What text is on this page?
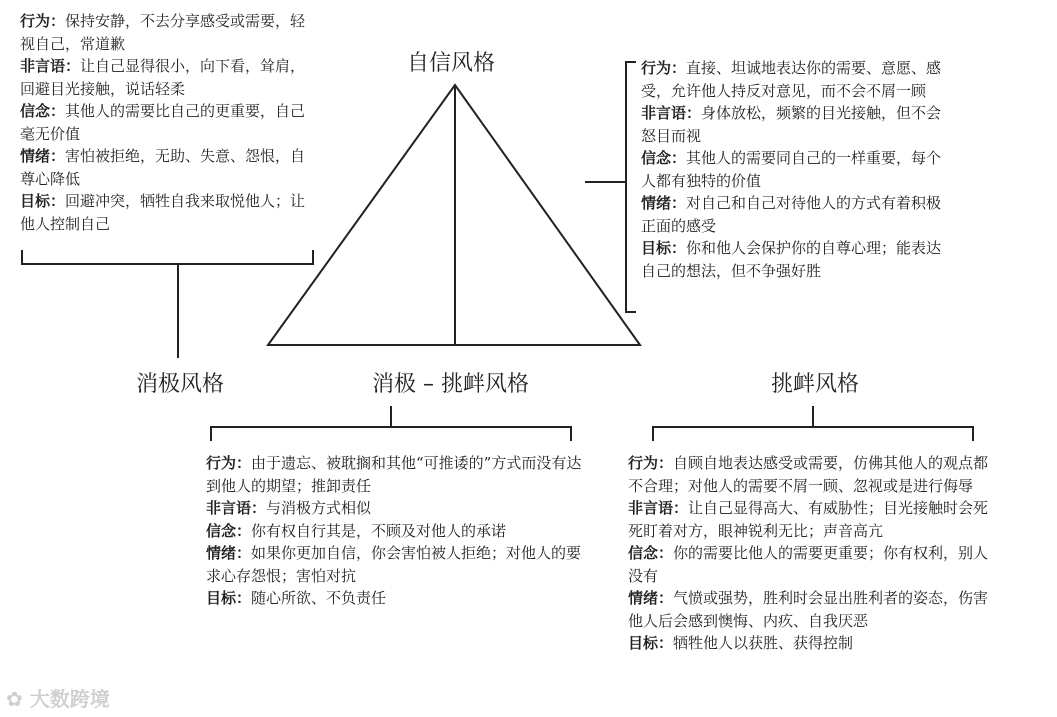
自信风格
消极风格	消极 – 挑衅风格	挑衅风格

行为：保持安静，不去分享感受或需要，轻视自己，常道歉

非言语：让自己显得很小，向下看，耸肩，回避目光接触，说话轻柔

信念：其他人的需要比自己的更重要，自己毫无价值

情绪：害怕被拒绝，无助、失意、怨恨，自尊心降低

目标：回避冲突，牺牲自我来取悦他人；让他人控制自己

行为：直接、坦诚地表达你的需要、意愿、感受，允许他人持反对意见，而不会不屑一顾

非言语：身体放松，频繁的目光接触，但不会怒目而视

信念：其他人的需要同自己的一样重要，每个人都有独特的价值

情绪：对自己和自己对待他人的方式有着积极正面的感受

目标：你和他人会保护你的自尊心理；能表达自己的想法，但不争强好胜

行为：由于遗忘、被耽搁和其他“可推诿的”方式而没有达到他人的期望；推卸责任

非言语：与消极方式相似

信念：你有权自行其是，不顾及对他人的承诺

情绪：如果你更加自信，你会害怕被人拒绝；对他人的要求心存怨恨；害怕对抗

目标：随心所欲、不负责任

行为：自顾自地表达感受或需要，仿佛其他人的观点都不合理；对他人的需要不屑一顾、忽视或是进行侮辱

非言语：让自己显得高大、有威胁性；目光接触时会死死盯着对方，眼神锐利无比；声音高亢

信念：你的需要比他人的需要更重要；你有权利，别人没有

情绪：气愤或强势，胜利时会显出胜利者的姿态，伤害他人后会感到懊悔、内疚、自我厌恶

目标：牺牲他人以获胜、获得控制

✿ 大数跨境
